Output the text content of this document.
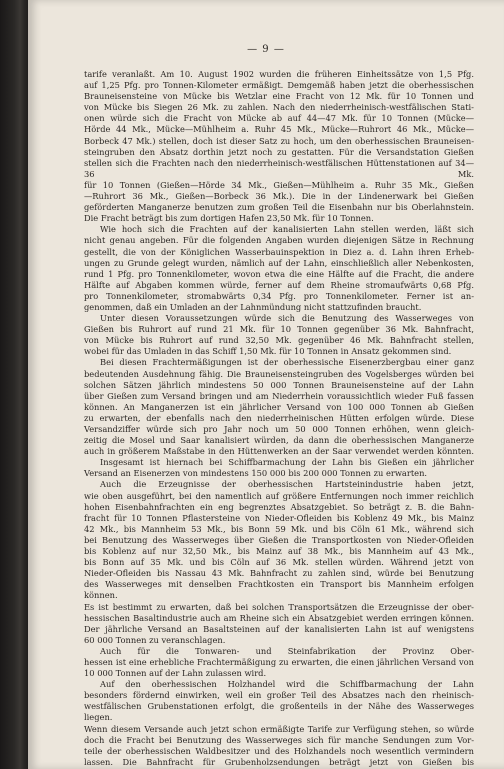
— 9 —

tarife veranlaßt. Am 10. August 1902 wurden die früheren Einheitssätze von 1,5 Pfg.

auf 1,25 Pfg. pro Tonnen-Kilometer ermäßigt. Demgemäß haben jetzt die oberhessischen

Brauneisensteine von Mücke bis Wetzlar eine Fracht von 12 Mk. für 10 Tonnen und

von Mücke bis Siegen 26 Mk. zu zahlen. Nach den niederrheinisch-westfälischen Stati-

onen würde sich die Fracht von Mücke ab auf 44—47 Mk. für 10 Tonnen (Mücke—

Hörde 44 Mk., Mücke—Mühlheim a. Ruhr 45 Mk., Mücke—Ruhrort 46 Mk., Mücke—

Borbeck 47 Mk.) stellen, doch ist dieser Satz zu hoch, um den oberhessischen Brauneisen-

steingruben den Absatz dorthin jetzt noch zu gestatten. Für die Versandstation Gießen

stellen sich die Frachten nach den niederrheinisch-westfälischen Hüttenstationen auf 34—36 Mk.

für 10 Tonnen (Gießen—Hörde 34 Mk., Gießen—Mühlheim a. Ruhr 35 Mk., Gießen

—Ruhrort 36 Mk., Gießen—Borbeck 36 Mk.). Die in der Lindenerwark bei Gießen

geförderten Manganerze benutzen zum großen Teil die Eisenbahn nur bis Oberlahnstein.

Die Fracht beträgt bis zum dortigen Hafen 23,50 Mk. für 10 Tonnen.

Wie hoch sich die Frachten auf der kanalisierten Lahn stellen werden, läßt sich

nicht genau angeben. Für die folgenden Angaben wurden diejenigen Sätze in Rechnung

gestellt, die von der Königlichen Wasserbauinspektion in Diez a. d. Lahn ihren Erheb-

ungen zu Grunde gelegt wurden, nämlich auf der Lahn, einschließlich aller Nebenkosten,

rund 1 Pfg. pro Tonnenkilometer, wovon etwa die eine Hälfte auf die Fracht, die andere

Hälfte auf Abgaben kommen würde, ferner auf dem Rheine stromaufwärts 0,68 Pfg.

pro Tonnenkilometer, stromabwärts 0,34 Pfg. pro Tonnenkilometer. Ferner ist an-

genommen, daß ein Umladen an der Lahnmündung nicht stattzufinden braucht.

Unter diesen Voraussetzungen würde sich die Benutzung des Wasserweges von

Gießen bis Ruhrort auf rund 21 Mk. für 10 Tonnen gegenüber 36 Mk. Bahnfracht,

von Mücke bis Ruhrort auf rund 32,50 Mk. gegenüber 46 Mk. Bahnfracht stellen,

wobei für das Umladen in das Schiff 1,50 Mk. für 10 Tonnen in Ansatz gekommen sind.

Bei diesen Frachtermäßigungen ist der oberhessische Eisenerzbergbau einer ganz

bedeutenden Ausdehnung fähig. Die Brauneisensteingruben des Vogelsberges würden bei

solchen Sätzen jährlich mindestens 50 000 Tonnen Brauneisensteine auf der Lahn

über Gießen zum Versand bringen und am Niederrhein voraussichtlich wieder Fuß fassen

können. An Manganerzen ist ein jährlicher Versand von 100 000 Tonnen ab Gießen

zu erwarten, der ebenfalls nach den niederrheinischen Hütten erfolgen würde. Diese

Versandziffer würde sich pro Jahr noch um 50 000 Tonnen erhöhen, wenn gleich-

zeitig die Mosel und Saar kanalisiert würden, da dann die oberhessischen Manganerze

auch in größerem Maßstabe in den Hüttenwerken an der Saar verwendet werden könnten.

Insgesamt ist hiernach bei Schiffbarmachung der Lahn bis Gießen ein jährlicher

Versand an Eisenerzen von mindestens 150 000 bis 200 000 Tonnen zu erwarten.

Auch die Erzeugnisse der oberhessischen Hartsteinindustrie haben jetzt,

wie oben ausgeführt, bei den namentlich auf größere Entfernungen noch immer reichlich

hohen Eisenbahnfrachten ein eng begrenztes Absatzgebiet. So beträgt z. B. die Bahn-

fracht für 10 Tonnen Pflastersteine von Nieder-Ofleiden bis Koblenz 49 Mk., bis Mainz

42 Mk., bis Mannheim 53 Mk., bis Bonn 59 Mk. und bis Cöln 61 Mk., während sich

bei Benutzung des Wasserweges über Gießen die Transportkosten von Nieder-Ofleiden

bis Koblenz auf nur 32,50 Mk., bis Mainz auf 38 Mk., bis Mannheim auf 43 Mk.,

bis Bonn auf 35 Mk. und bis Cöln auf 36 Mk. stellen würden. Während jetzt von

Nieder-Ofleiden bis Nassau 43 Mk. Bahnfracht zu zahlen sind, würde bei Benutzung

des Wasserweges mit denselben Frachtkosten ein Transport bis Mannheim erfolgen können.

Es ist bestimmt zu erwarten, daß bei solchen Transportsätzen die Erzeugnisse der ober-

hessischen Basaltindustrie auch am Rheine sich ein Absatzgebiet werden erringen können.

Der jährliche Versand an Basaltsteinen auf der kanalisierten Lahn ist auf wenigstens

60 000 Tonnen zu veranschlagen.

Auch für die Tonwaren- und Steinfabrikation der Provinz Ober-

hessen ist eine erhebliche Frachtermäßigung zu erwarten, die einen jährlichen Versand von

10 000 Tonnen auf der Lahn zulassen wird.

Auf den oberhessischen Holzhandel wird die Schiffbarmachung der Lahn

besonders fördernd einwirken, weil ein großer Teil des Absatzes nach den rheinisch-

westfälischen Grubenstationen erfolgt, die großenteils in der Nähe des Wasserweges liegen.

Wenn diesem Versande auch jetzt schon ermäßigte Tarife zur Verfügung stehen, so würde

doch die Fracht bei Benutzung des Wasserweges sich für manche Sendungen zum Vor-

teile der oberhessischen Waldbesitzer und des Holzhandels noch wesentlich vermindern

lassen. Die Bahnfracht für Grubenholzsendungen beträgt jetzt von Gießen bis
